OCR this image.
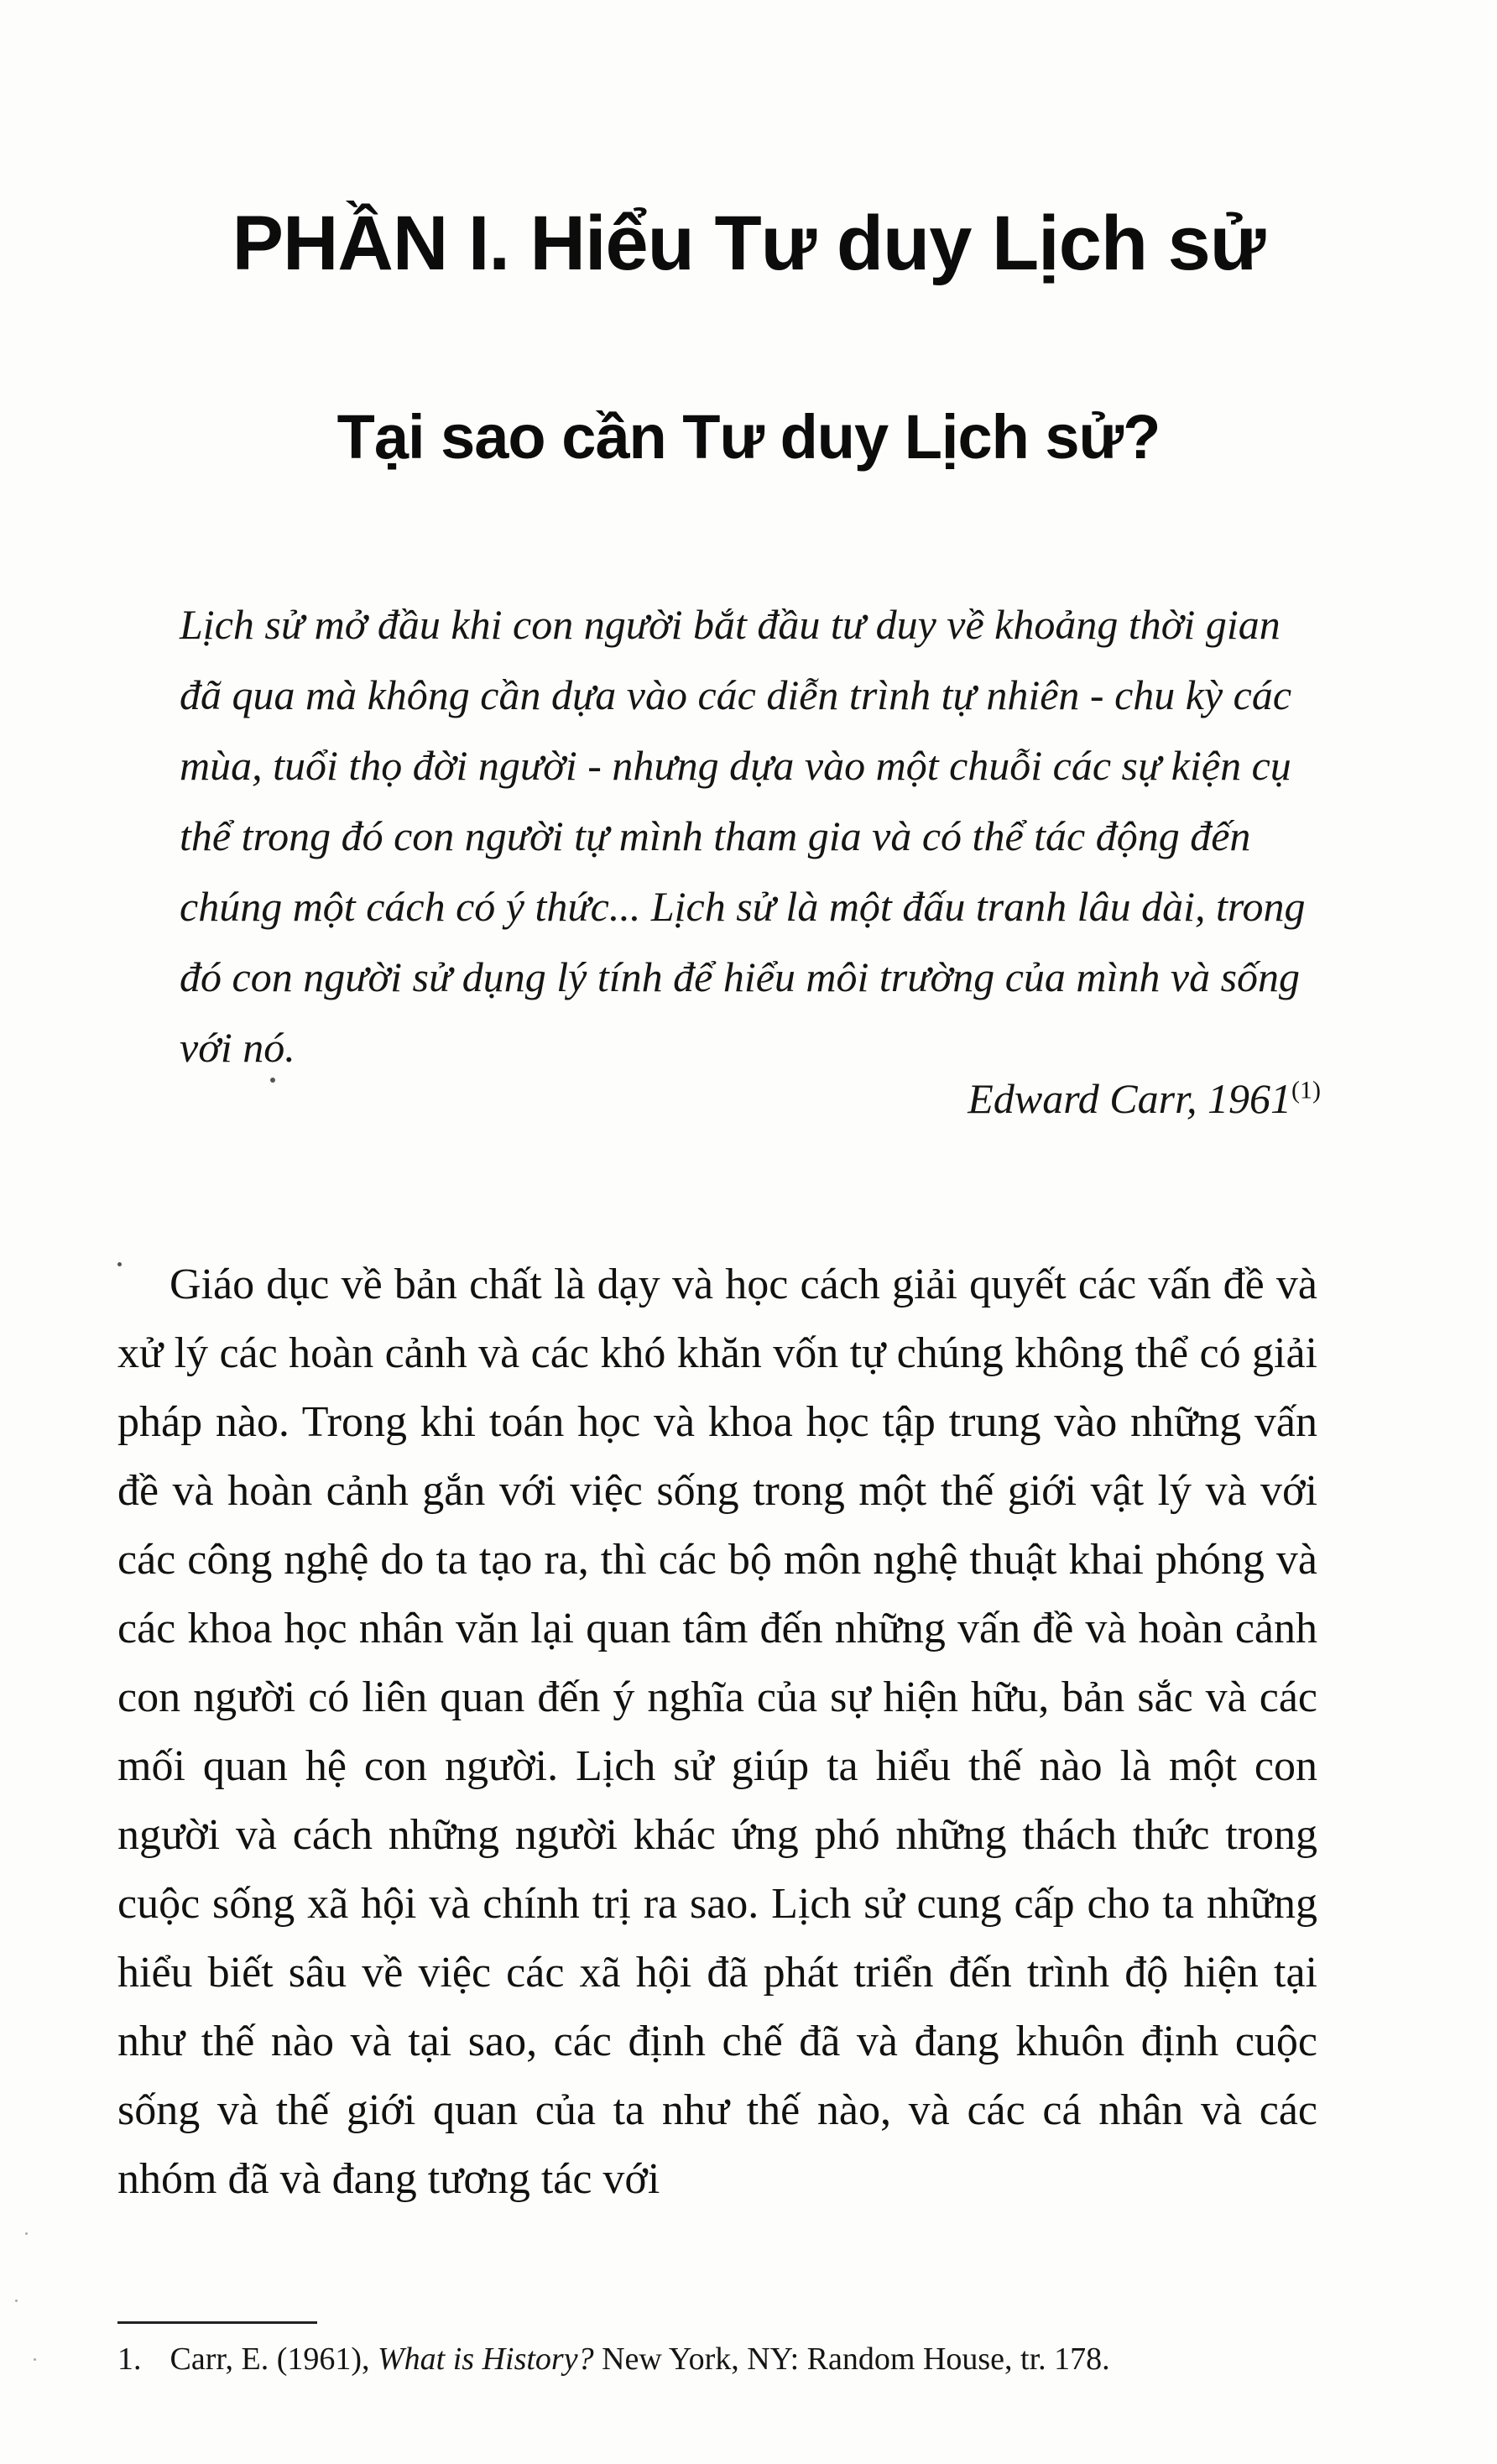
PHẦN I. Hiểu Tư duy Lịch sử
Tại sao cần Tư duy Lịch sử?

Lịch sử mở đầu khi con người bắt đầu tư duy về khoảng thời gian đã qua mà không cần dựa vào các diễn trình tự nhiên - chu kỳ các mùa, tuổi thọ đời người - nhưng dựa vào một chuỗi các sự kiện cụ thể trong đó con người tự mình tham gia và có thể tác động đến chúng một cách có ý thức... Lịch sử là một đấu tranh lâu dài, trong đó con người sử dụng lý tính để hiểu môi trường của mình và sống với nó.

Edward Carr, 1961$^{(1)}$

Giáo dục về bản chất là dạy và học cách giải quyết các vấn đề và xử lý các hoàn cảnh và các khó khăn vốn tự chúng không thể có giải pháp nào. Trong khi toán học và khoa học tập trung vào những vấn đề và hoàn cảnh gắn với việc sống trong một thế giới vật lý và với các công nghệ do ta tạo ra, thì các bộ môn nghệ thuật khai phóng và các khoa học nhân văn lại quan tâm đến những vấn đề và hoàn cảnh con người có liên quan đến ý nghĩa của sự hiện hữu, bản sắc và các mối quan hệ con người. Lịch sử giúp ta hiểu thế nào là một con người và cách những người khác ứng phó những thách thức trong cuộc sống xã hội và chính trị ra sao. Lịch sử cung cấp cho ta những hiểu biết sâu về việc các xã hội đã phát triển đến trình độ hiện tại như thế nào và tại sao, các định chế đã và đang khuôn định cuộc sống và thế giới quan của ta như thế nào, và các cá nhân và các nhóm đã và đang tương tác với

1. Carr, E. (1961), What is History? New York, NY: Random House, tr. 178.
